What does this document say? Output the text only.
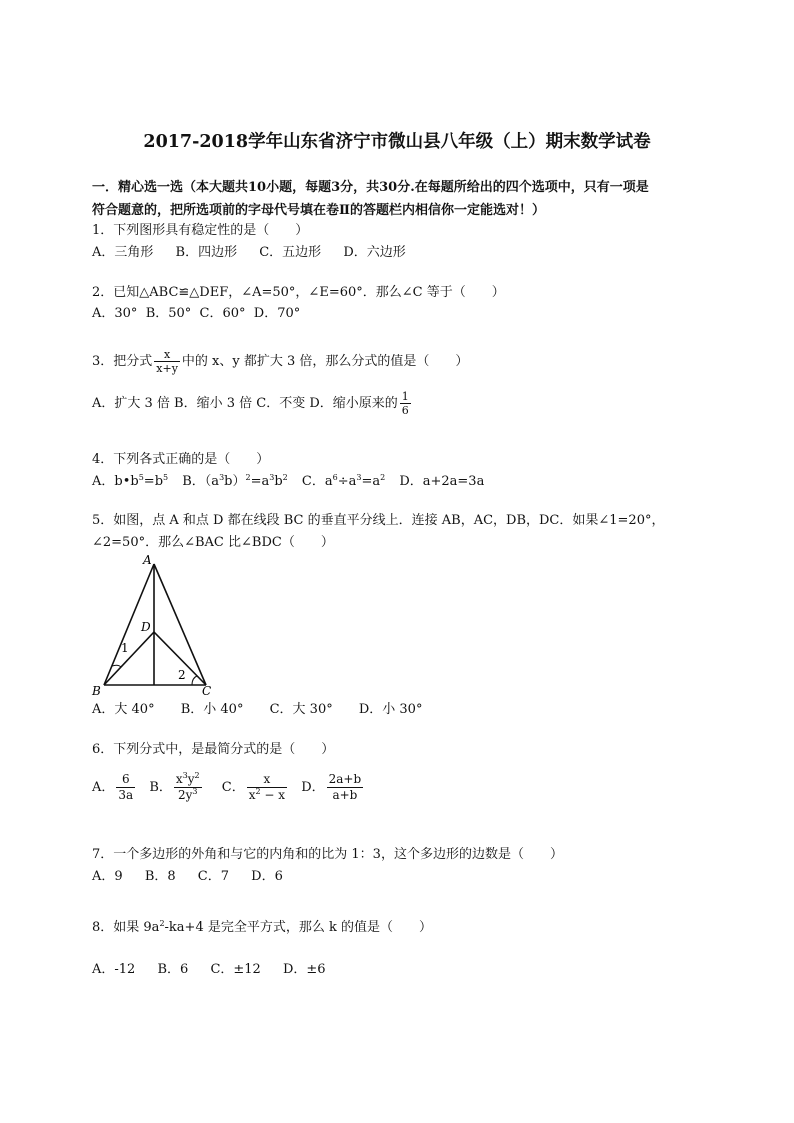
2017-2018学年山东省济宁市微山县八年级（上）期末数学试卷
一．精心选一选（本大题共10小题，每题3分，共30分.在每题所给出的四个选项中，只有一项是
符合题意的，把所选项前的字母代号填在卷Ⅱ的答题栏内相信你一定能选对！）
1．下列图形具有稳定性的是（　　）
A．三角形 B．四边形 C．五边形 D．六边形
2．已知△ABC≌△DEF，∠A=50°，∠E=60°．那么∠C 等于（　　）
A．30°  B．50°  C．60°  D．70°
3．把分式 $\frac{x}{x+y}$ 中的 x、y 都扩大 3 倍，那么分式的值是（　　）
A．扩大 3 倍 B．缩小 3 倍 C．不变 D．缩小原来的 $\frac{1}{6}$
4．下列各式正确的是（　　）
A．$b•b^5=b^5$ B．$(a^3b)^2=a^3b^2$ C．$a^6\div a^3=a^2$ D．a+2a=3a
5．如图，点 A 和点 D 都在线段 BC 的垂直平分线上．连接 AB，AC，DB，DC．如果∠1=20°，
∠2=50°．那么∠BAC 比∠BDC（　　）
A
D
B	C
1
2
A．大 40° B．小 40° C．大 30° D．小 30°
6．下列分式中，是最简分式的是（　　）
A． $\frac{6}{3a}$ B． $\frac{x^3y^2}{2y^3}$ C． $\frac{x}{x^2 - x}$ D． $\frac{2a+b}{a+b}$
7．一个多边形的外角和与它的内角和的比为 1：3，这个多边形的边数是（　　）
A．9 B．8 C．7 D．6
8．如果 $9a^2-ka+4$ 是完全平方式，那么 k 的值是（　　）
A．-12 B．6 C．±12 D．±6
